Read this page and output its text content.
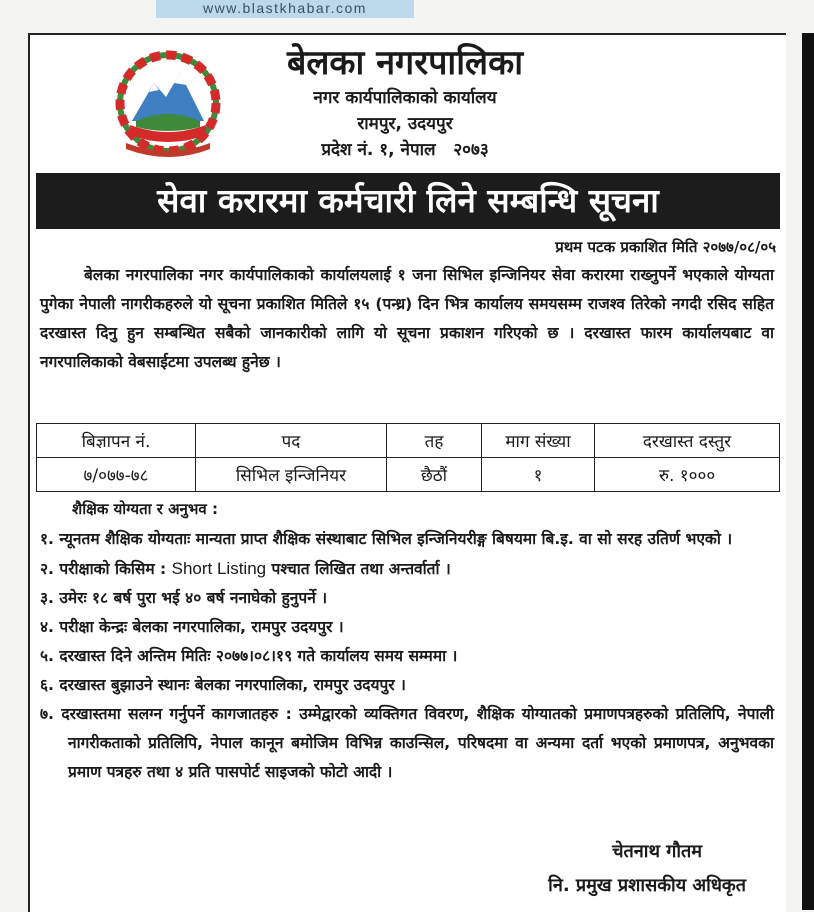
www.blastkhabar.com
बेलका नगरपालिका
नगर कार्यपालिकाको कार्यालय
रामपुर, उदयपुर
प्रदेश नं. १, नेपाल २०७३
सेवा करारमा कर्मचारी लिने सम्बन्धि सूचना
प्रथम पटक प्रकाशित मिति २०७७/०८/०५

बेलका नगरपालिका नगर कार्यपालिकाको कार्यालयलाई १ जना सिभिल इन्जिनियर सेवा करारमा राख्नुपर्ने भएकाले योग्यता पुगेका नेपाली नागरीकहरुले यो सूचना प्रकाशित मितिले १५ (पन्ध्र) दिन भित्र कार्यालय समयसम्म राजश्व तिरेको नगदी रसिद सहित दरखास्त दिनु हुन सम्बन्धित सबैको जानकारीको लागि यो सूचना प्रकाशन गरिएको छ । दरखास्त फारम कार्यालयबाट वा नगरपालिकाको वेबसाईटमा उपलब्ध हुनेछ ।

बिज्ञापन नं.	पद	तह	माग संख्या	दरखास्त दस्तुर
७/०७७-७८	सिभिल इन्जिनियर	छैठौं	१	रु. १०००
शैक्षिक योग्यता र अनुभव :
१. न्यूनतम शैक्षिक योग्यताः मान्यता प्राप्त शैक्षिक संस्थाबाट सिभिल इन्जिनियरीङ्ग बिषयमा बि.इ. वा सो सरह उतिर्ण भएको ।
२. परीक्षाको किसिम : Short Listing पश्चात लिखित तथा अन्तर्वार्ता ।
३. उमेरः १८ बर्ष पुरा भई ४० बर्ष ननाघेको हुनुपर्ने ।
४. परीक्षा केन्द्रः बेलका नगरपालिका, रामपुर उदयपुर ।
५. दरखास्त दिने अन्तिम मितिः २०७७।०८।१९ गते कार्यालय समय सम्ममा ।
६. दरखास्त बुझाउने स्थानः बेलका नगरपालिका, रामपुर उदयपुर ।
७. दरखास्तमा सलग्न गर्नुपर्ने कागजातहरु : उम्मेद्वारको व्यक्तिगत विवरण, शैक्षिक योग्यातको प्रमाणपत्रहरुको प्रतिलिपि, नेपाली नागरीकताको प्रतिलिपि, नेपाल कानून बमोजिम विभिन्न काउन्सिल, परिषदमा वा अन्यमा दर्ता भएको प्रमाणपत्र, अनुभवका प्रमाण पत्रहरु तथा ४ प्रति पासपोर्ट साइजको फोटो आदी ।
चेतनाथ गौतम
नि. प्रमुख प्रशासकीय अधिकृत
